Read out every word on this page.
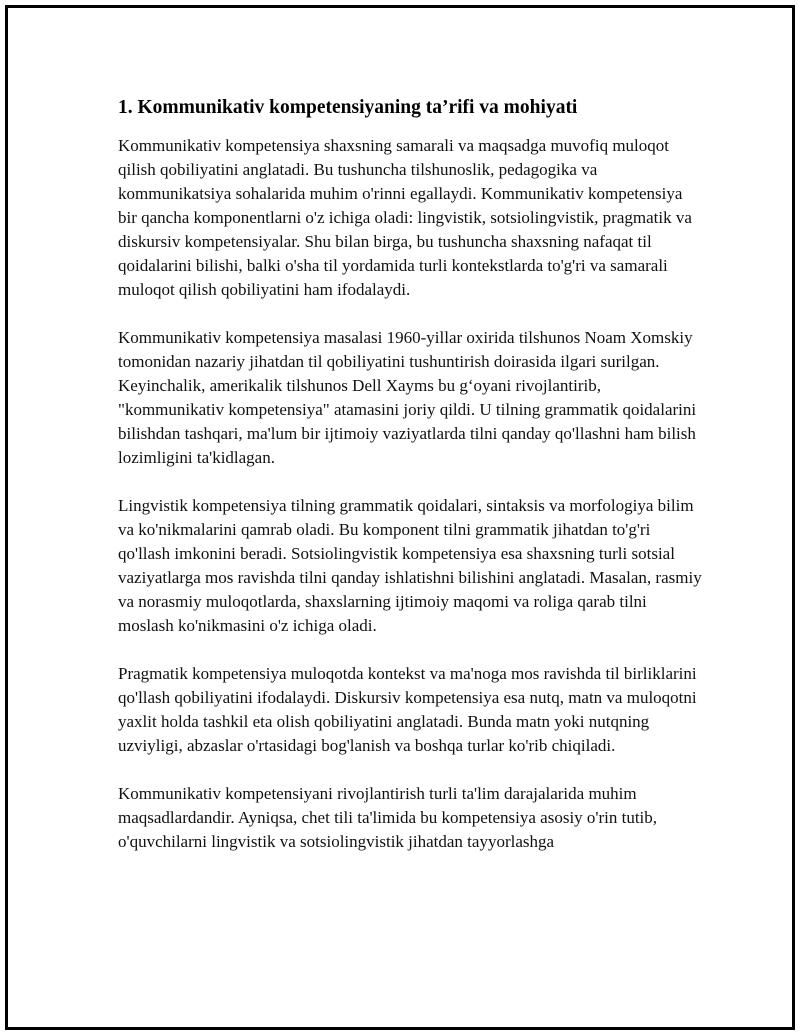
1. Kommunikativ kompetensiyaning ta’rifi va mohiyati

Kommunikativ kompetensiya shaxsning samarali va maqsadga muvofiq muloqot qilish qobiliyatini anglatadi. Bu tushuncha tilshunoslik, pedagogika va kommunikatsiya sohalarida muhim o'rinni egallaydi. Kommunikativ kompetensiya bir qancha komponentlarni o'z ichiga oladi: lingvistik, sotsiolingvistik, pragmatik va diskursiv kompetensiyalar. Shu bilan birga, bu tushuncha shaxsning nafaqat til qoidalarini bilishi, balki o'sha til yordamida turli kontekstlarda to'g'ri va samarali muloqot qilish qobiliyatini ham ifodalaydi.

Kommunikativ kompetensiya masalasi 1960-yillar oxirida tilshunos Noam Xomskiy tomonidan nazariy jihatdan til qobiliyatini tushuntirish doirasida ilgari surilgan. Keyinchalik, amerikalik tilshunos Dell Xayms bu g‘oyani rivojlantirib, "kommunikativ kompetensiya" atamasini joriy qildi. U tilning grammatik qoidalarini bilishdan tashqari, ma'lum bir ijtimoiy vaziyatlarda tilni qanday qo'llashni ham bilish lozimligini ta'kidlagan.

Lingvistik kompetensiya tilning grammatik qoidalari, sintaksis va morfologiya bilim va ko'nikmalarini qamrab oladi. Bu komponent tilni grammatik jihatdan to'g'ri qo'llash imkonini beradi. Sotsiolingvistik kompetensiya esa shaxsning turli sotsial vaziyatlarga mos ravishda tilni qanday ishlatishni bilishini anglatadi. Masalan, rasmiy va norasmiy muloqotlarda, shaxslarning ijtimoiy maqomi va roliga qarab tilni moslash ko'nikmasini o'z ichiga oladi.

Pragmatik kompetensiya muloqotda kontekst va ma'noga mos ravishda til birliklarini qo'llash qobiliyatini ifodalaydi. Diskursiv kompetensiya esa nutq, matn va muloqotni yaxlit holda tashkil eta olish qobiliyatini anglatadi. Bunda matn yoki nutqning uzviyligi, abzaslar o'rtasidagi bog'lanish va boshqa turlar ko'rib chiqiladi.

Kommunikativ kompetensiyani rivojlantirish turli ta'lim darajalarida muhim maqsadlardandir. Ayniqsa, chet tili ta'limida bu kompetensiya asosiy o'rin tutib, o'quvchilarni lingvistik va sotsiolingvistik jihatdan tayyorlashga
